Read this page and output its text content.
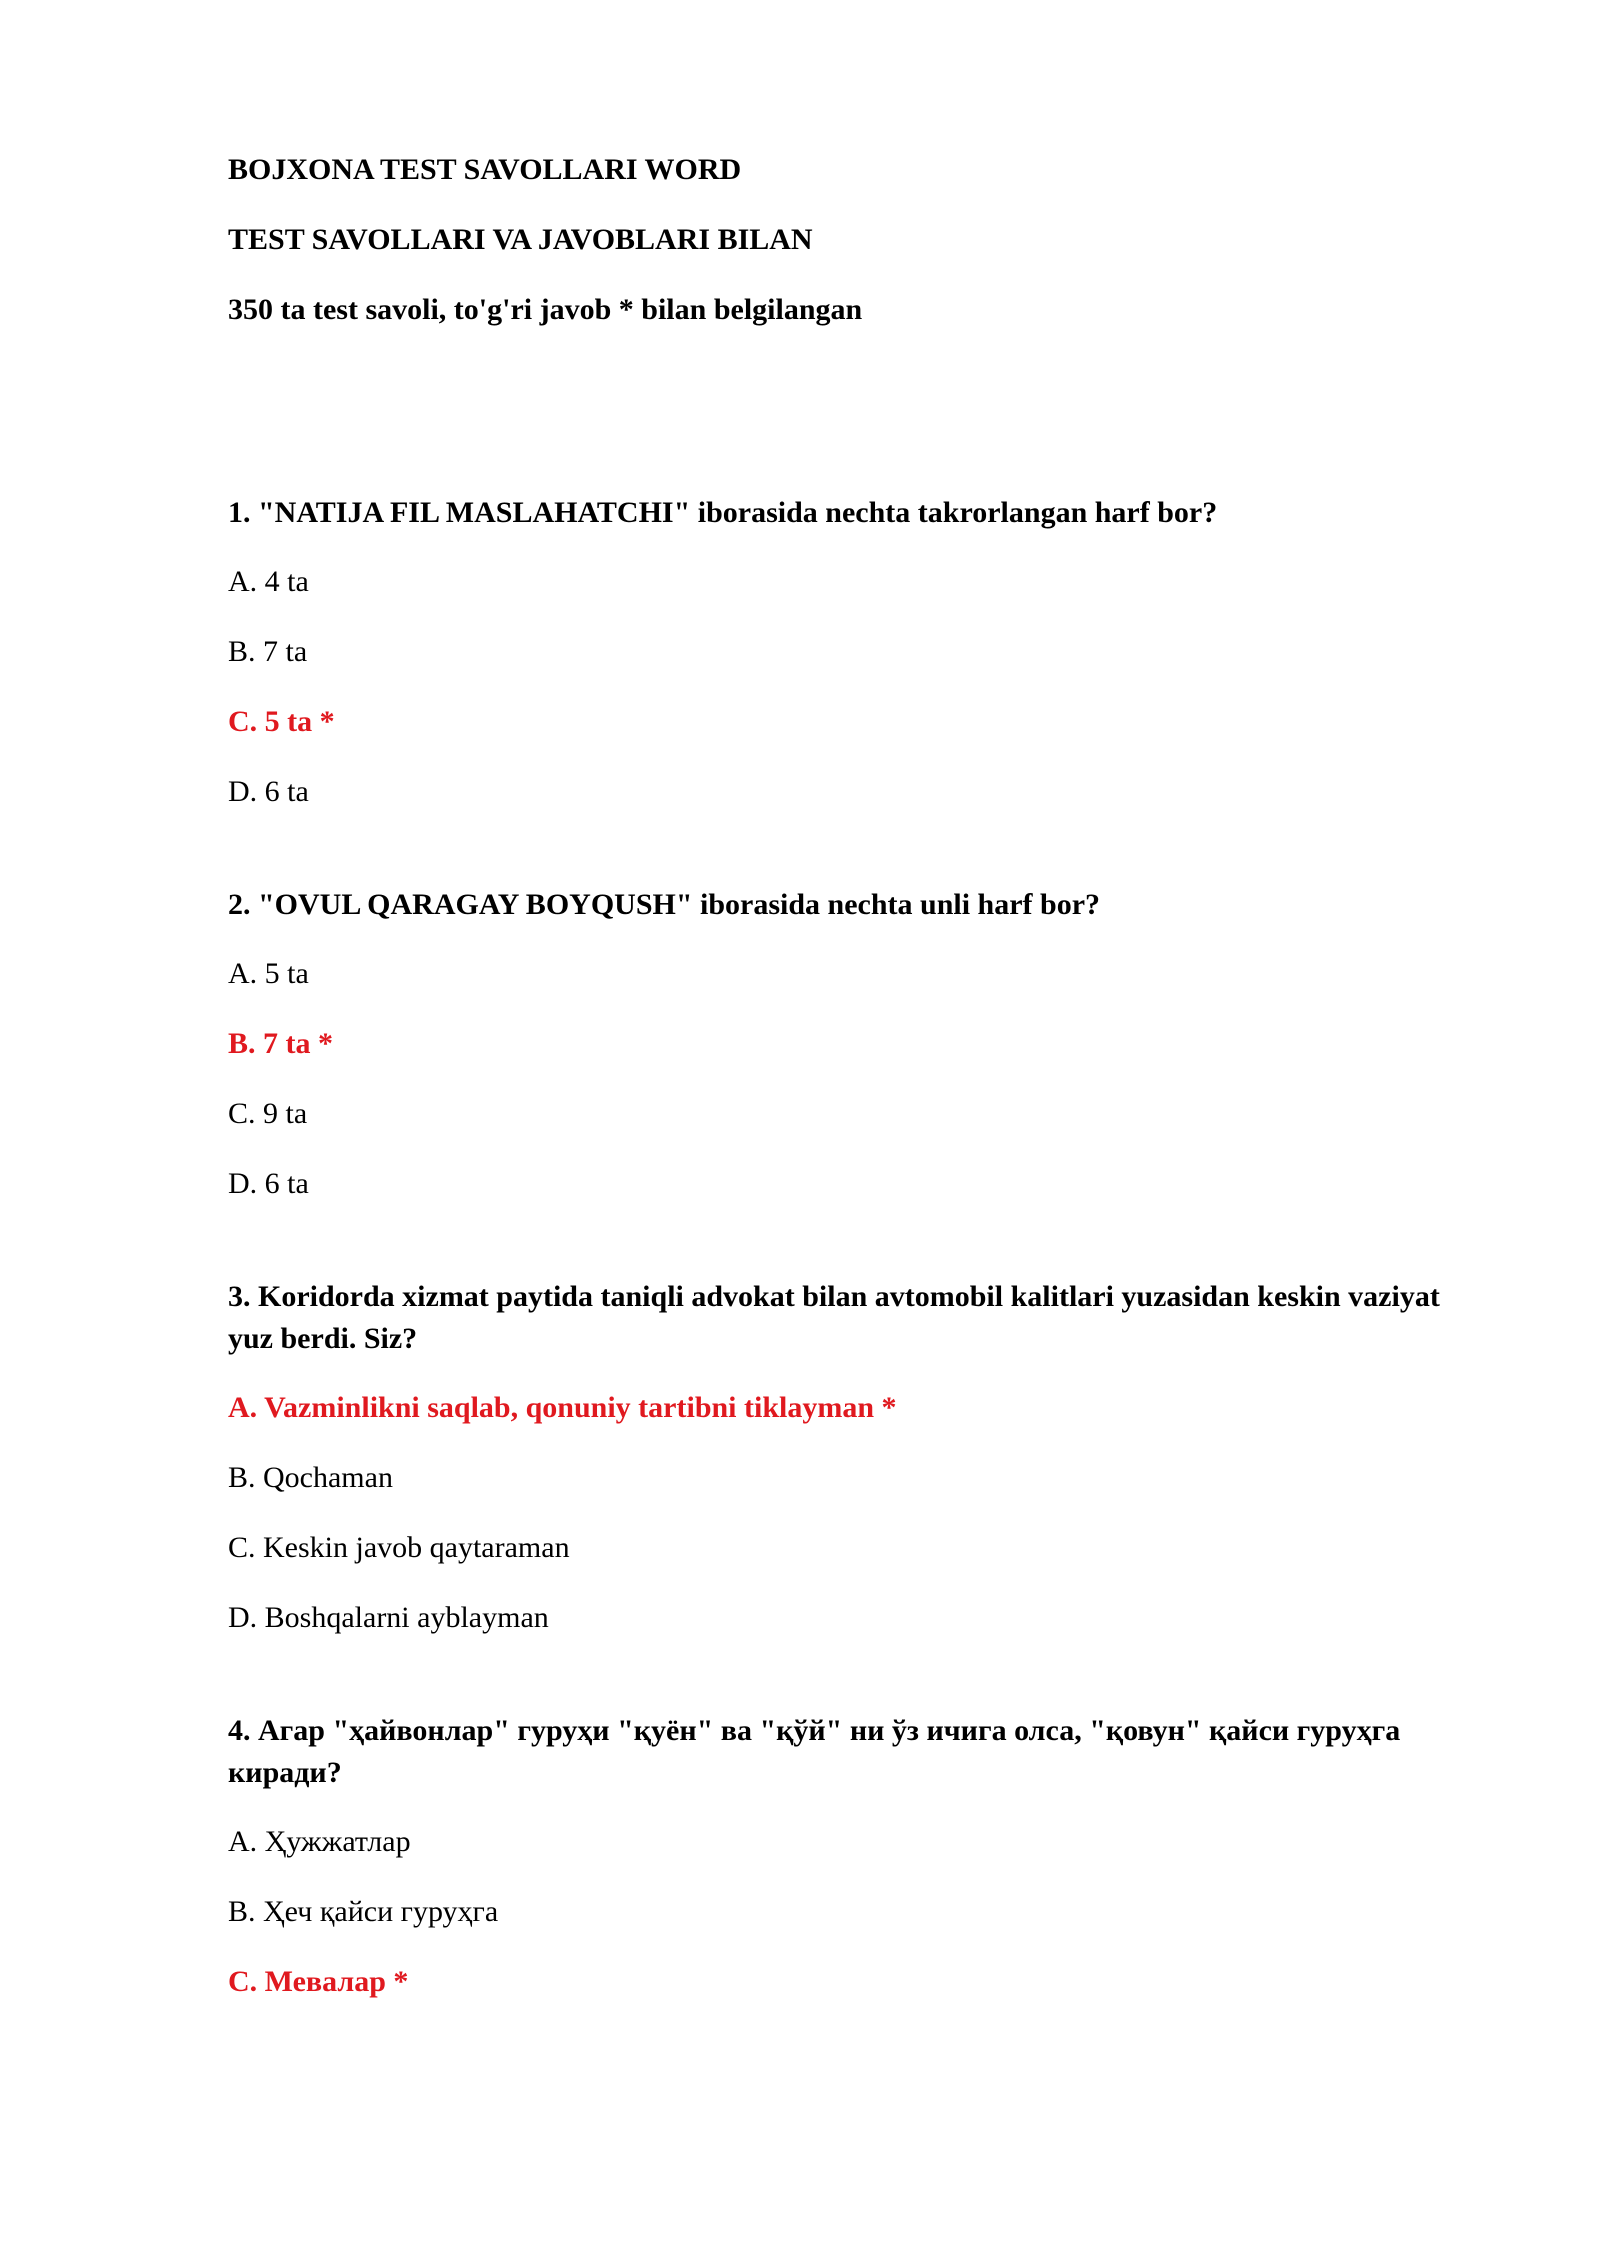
BOJXONA TEST SAVOLLARI WORD
TEST SAVOLLARI VA JAVOBLARI BILAN
350 ta test savoli, to'g'ri javob * bilan belgilangan
1. "NATIJA FIL MASLAHATCHI" iborasida nechta takrorlangan harf bor?
A. 4 ta
B. 7 ta
C. 5 ta *
D. 6 ta
2. "OVUL QARAGAY BOYQUSH" iborasida nechta unli harf bor?
A. 5 ta
B. 7 ta *
C. 9 ta
D. 6 ta
3. Koridorda xizmat paytida taniqli advokat bilan avtomobil kalitlari yuzasidan keskin vaziyat yuz berdi. Siz?
A. Vazminlikni saqlab, qonuniy tartibni tiklayman *
B. Qochaman
C. Keskin javob qaytaraman
D. Boshqalarni ayblayman
4. Агар "ҳайвонлар" гуруҳи "қуён" ва "қўй" ни ўз ичига олса, "қовун" қайси гуруҳга киради?
A. Ҳужжатлар
B. Ҳеч қайси гуруҳга
C. Мевалар *
